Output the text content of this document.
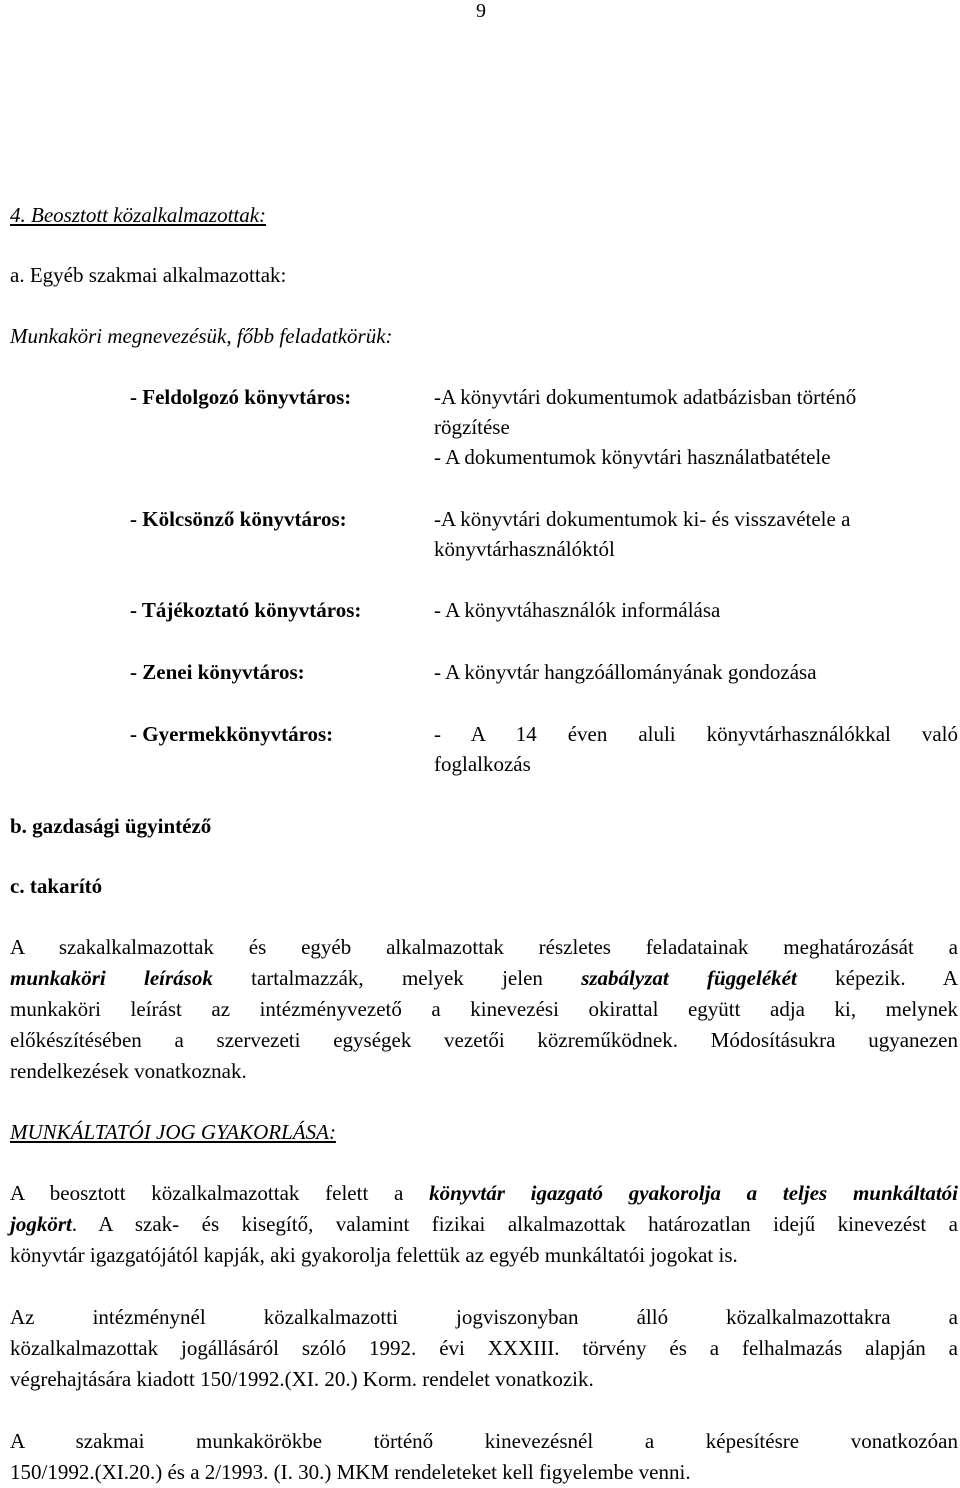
9
4. Beosztott közalkalmazottak:
a. Egyéb szakmai alkalmazottak:
Munkaköri megnevezésük, főbb feladatkörük:
- Feldolgozó könyvtáros:	-A könyvtári dokumentumok adatbázisban történő
rögzítése
- A dokumentumok könyvtári használatbatétele
- Kölcsönző könyvtáros:	-A könyvtári dokumentumok ki- és visszavétele a
könyvtárhasználóktól
- Tájékoztató könyvtáros:	- A könyvtáhasználók informálása
- Zenei könyvtáros:	- A könyvtár hangzóállományának gondozása
- Gyermekkönyvtáros:	- A 14 éven aluli könyvtárhasználókkal való
foglalkozás
b. gazdasági ügyintéző
c. takarító
A szakalkalmazottak és egyéb alkalmazottak részletes feladatainak meghatározását a
munkaköri leírások tartalmazzák, melyek jelen szabályzat függelékét képezik. A
munkaköri leírást az intézményvezető a kinevezési okirattal együtt adja ki, melynek
előkészítésében a szervezeti egységek vezetői közreműködnek. Módosításukra ugyanezen
rendelkezések vonatkoznak.
MUNKÁLTATÓI JOG GYAKORLÁSA:
A beosztott közalkalmazottak felett a könyvtár igazgató gyakorolja a teljes munkáltatói
jogkört. A szak- és kisegítő, valamint fizikai alkalmazottak határozatlan idejű kinevezést a
könyvtár igazgatójától kapják, aki gyakorolja felettük az egyéb munkáltatói jogokat is.
Az intézménynél közalkalmazotti jogviszonyban álló közalkalmazottakra a
közalkalmazottak jogállásáról szóló 1992. évi XXXIII. törvény és a felhalmazás alapján a
végrehajtására kiadott 150/1992.(XI. 20.) Korm. rendelet vonatkozik.
A szakmai munkakörökbe történő kinevezésnél a képesítésre vonatkozóan
150/1992.(XI.20.) és a 2/1993. (I. 30.) MKM rendeleteket kell figyelembe venni.
